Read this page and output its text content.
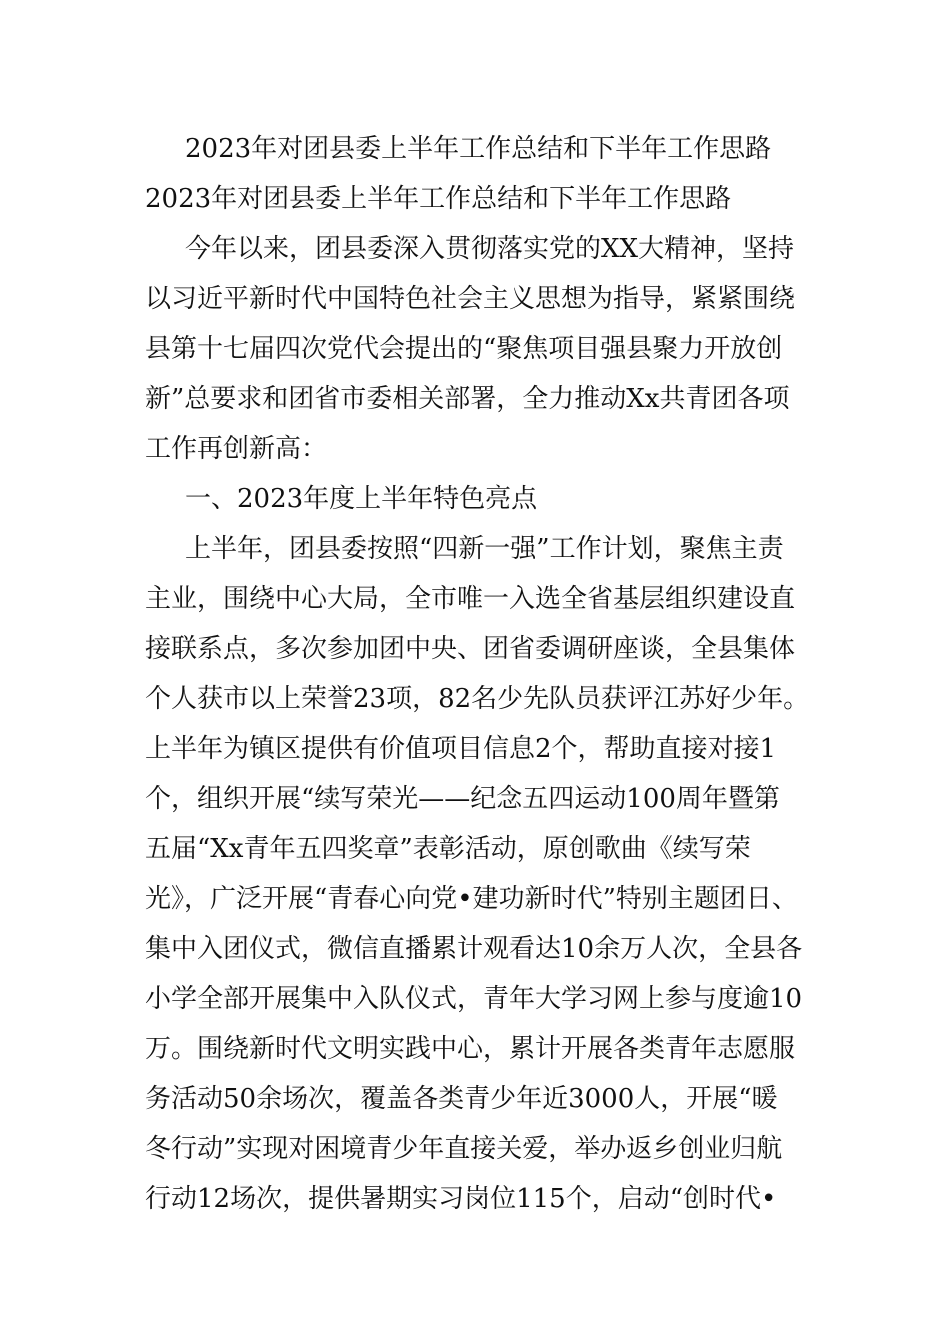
2023年对团县委上半年工作总结和下半年工作思路
2023年对团县委上半年工作总结和下半年工作思路
今年以来，团县委深入贯彻落实党的XX大精神，坚持
以习近平新时代中国特色社会主义思想为指导，紧紧围绕
县第十七届四次党代会提出的“聚焦项目强县聚力开放创
新”总要求和团省市委相关部署，全力推动Xx共青团各项
工作再创新高：
一、2023年度上半年特色亮点
上半年，团县委按照“四新一强”工作计划，聚焦主责
主业，围绕中心大局，全市唯一入选全省基层组织建设直
接联系点，多次参加团中央、团省委调研座谈，全县集体
个人获市以上荣誉23项，82名少先队员获评江苏好少年。
上半年为镇区提供有价值项目信息2个，帮助直接对接1
个，组织开展“续写荣光——纪念五四运动100周年暨第
五届“Xx青年五四奖章”表彰活动，原创歌曲《续写荣
光》，广泛开展“青春心向党•建功新时代”特别主题团日、
集中入团仪式，微信直播累计观看达10余万人次，全县各
小学全部开展集中入队仪式，青年大学习网上参与度逾10
万。围绕新时代文明实践中心，累计开展各类青年志愿服
务活动50余场次，覆盖各类青少年近3000人，开展“暖
冬行动”实现对困境青少年直接关爱，举办返乡创业归航
行动12场次，提供暑期实习岗位115个，启动“创时代•
